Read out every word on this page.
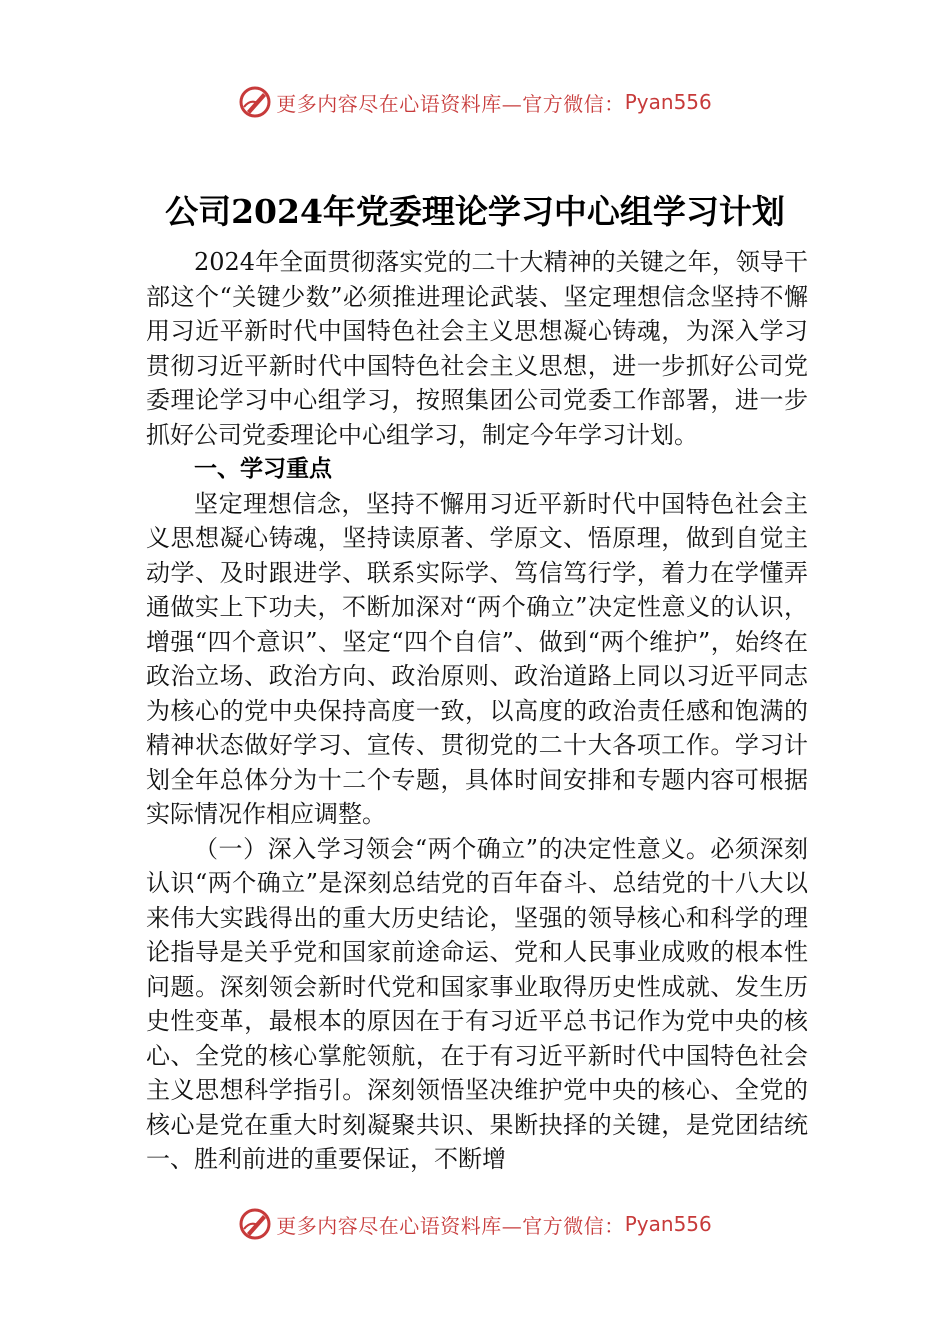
更多内容尽在心语资料库—官方微信： Pyan556
公司2024年党委理论学习中心组学习计划

2024年全面贯彻落实党的二十大精神的关键之年，领导干部这个“关键少数”必须推进理论武装、坚定理想信念坚持不懈用习近平新时代中国特色社会主义思想凝心铸魂，为深入学习贯彻习近平新时代中国特色社会主义思想，进一步抓好公司党委理论学习中心组学习，按照集团公司党委工作部署，进一步抓好公司党委理论中心组学习，制定今年学习计划。

一、学习重点

坚定理想信念，坚持不懈用习近平新时代中国特色社会主义思想凝心铸魂，坚持读原著、学原文、悟原理，做到自觉主动学、及时跟进学、联系实际学、笃信笃行学，着力在学懂弄通做实上下功夫，不断加深对“两个确立”决定性意义的认识，增强“四个意识”、坚定“四个自信”、做到“两个维护”，始终在政治立场、政治方向、政治原则、政治道路上同以习近平同志为核心的党中央保持高度一致，以高度的政治责任感和饱满的精神状态做好学习、宣传、贯彻党的二十大各项工作。学习计划全年总体分为十二个专题，具体时间安排和专题内容可根据实际情况作相应调整。

（一）深入学习领会“两个确立”的决定性意义。必须深刻认识“两个确立”是深刻总结党的百年奋斗、总结党的十八大以来伟大实践得出的重大历史结论，坚强的领导核心和科学的理论指导是关乎党和国家前途命运、党和人民事业成败的根本性问题。深刻领会新时代党和国家事业取得历史性成就、发生历史性变革，最根本的原因在于有习近平总书记作为党中央的核心、全党的核心掌舵领航，在于有习近平新时代中国特色社会主义思想科学指引。深刻领悟坚决维护党中央的核心、全党的核心是党在重大时刻凝聚共识、果断抉择的关键，是党团结统一、胜利前进的重要保证，不断增

更多内容尽在心语资料库—官方微信： Pyan556
